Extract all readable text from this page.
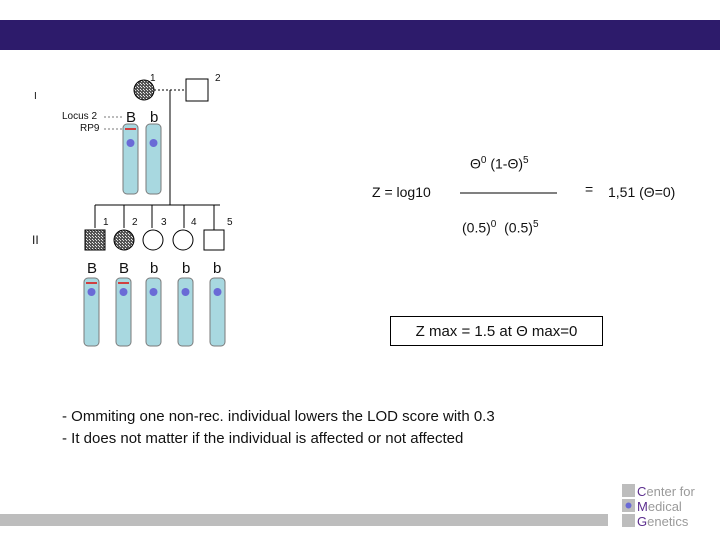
I
II
1	2
Locus 2
RP9
B b
1 2 3 4	5
B B b b b
$\Theta^0$ $(1-\Theta)^5$
Z = log10	= 1,51 (Θ=0)
$(0.5)^0$ $(0.5)^5$
Z max = 1.5 at Θ max=0
- Ommiting one non-rec. individual lowers the LOD score with 0.3
- It does not matter if the individual is affected or not affected
C enter for
M edical
G enetics
